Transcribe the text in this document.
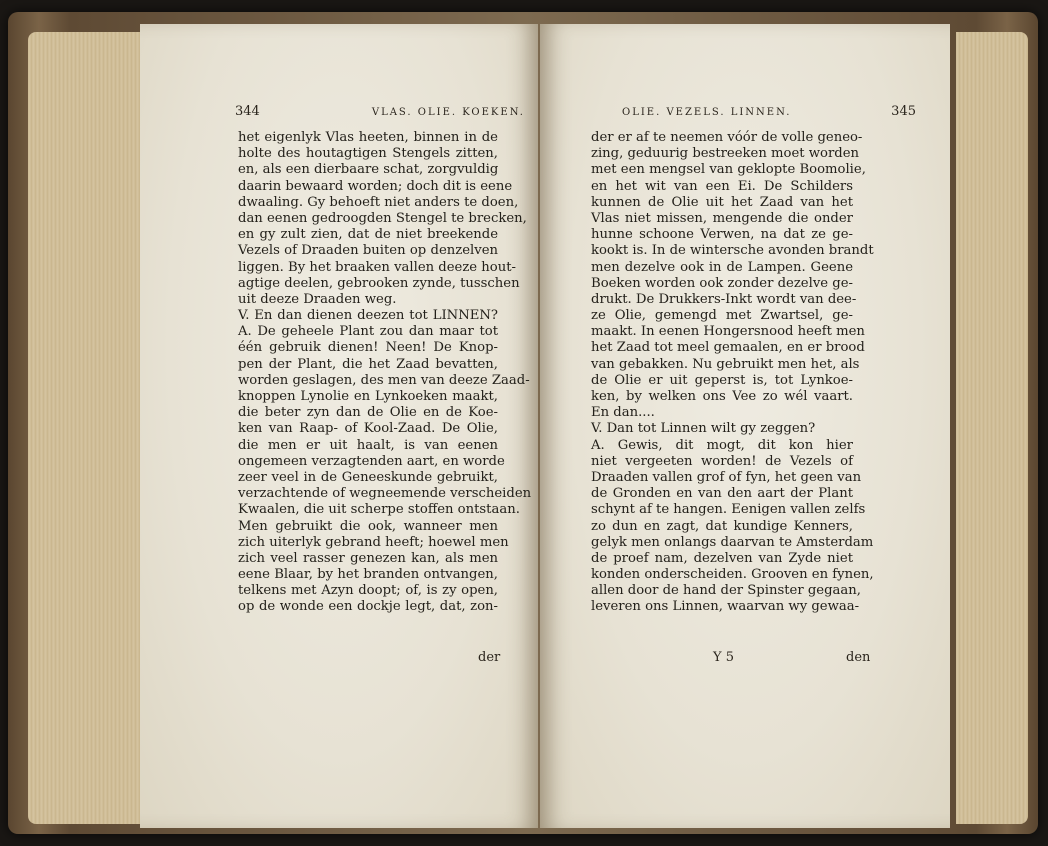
344	VLAS. OLIE. KOEKEN.
het eigenlyk Vlas heeten, binnen in de
holte des houtagtigen Stengels zitten,
en, als een dierbaare schat, zorgvuldig
daarin bewaard worden; doch dit is eene
dwaaling. Gy behoeft niet anders te doen,
dan eenen gedroogden Stengel te brecken,
en gy zult zien, dat de niet breekende
Vezels of Draaden buiten op denzelven
liggen. By het braaken vallen deeze hout-
agtige deelen, gebrooken zynde, tusschen
uit deeze Draaden weg.
V. En dan dienen deezen tot LINNEN?
A. De geheele Plant zou dan maar tot
één gebruik dienen! Neen! De Knop-
pen der Plant, die het Zaad bevatten,
worden geslagen, des men van deeze Zaad-
knoppen Lynolie en Lynkoeken maakt,
die beter zyn dan de Olie en de Koe-
ken van Raap- of Kool-Zaad. De Olie,
die men er uit haalt, is van eenen
ongemeen verzagtenden aart, en worde
zeer veel in de Geneeskunde gebruikt,
verzachtende of wegneemende verscheiden
Kwaalen, die uit scherpe stoffen ontstaan.
Men gebruikt die ook, wanneer men
zich uiterlyk gebrand heeft; hoewel men
zich veel rasser genezen kan, als men
eene Blaar, by het branden ontvangen,
telkens met Azyn doopt; of, is zy open,
op de wonde een dockje legt, dat, zon-
der
OLIE. VEZELS. LINNEN.	345
der er af te neemen vóór de volle geneo-
zing, geduurig bestreeken moet worden
met een mengsel van geklopte Boomolie,
en het wit van een Ei. De Schilders
kunnen de Olie uit het Zaad van het
Vlas niet missen, mengende die onder
hunne schoone Verwen, na dat ze ge-
kookt is. In de wintersche avonden brandt
men dezelve ook in de Lampen. Geene
Boeken worden ook zonder dezelve ge-
drukt. De Drukkers-Inkt wordt van dee-
ze Olie, gemengd met Zwartsel, ge-
maakt. In eenen Hongersnood heeft men
het Zaad tot meel gemaalen, en er brood
van gebakken. Nu gebruikt men het, als
de Olie er uit geperst is, tot Lynkoe-
ken, by welken ons Vee zo wél vaart.
En dan....
V. Dan tot Linnen wilt gy zeggen?
A. Gewis, dit mogt, dit kon hier
niet vergeeten worden! de Vezels of
Draaden vallen grof of fyn, het geen van
de Gronden en van den aart der Plant
schynt af te hangen. Eenigen vallen zelfs
zo dun en zagt, dat kundige Kenners,
gelyk men onlangs daarvan te Amsterdam
de proef nam, dezelven van Zyde niet
konden onderscheiden. Grooven en fynen,
allen door de hand der Spinster gegaan,
leveren ons Linnen, waarvan wy gewaa-
Y 5	den
